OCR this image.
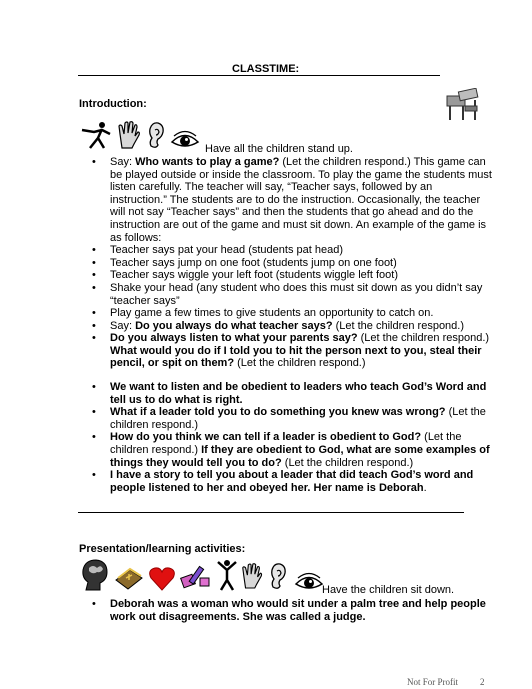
CLASSTIME:
Introduction:
Have all the children stand up.
• Say: Who wants to play a game? (Let the children respond.) This game can be played outside or inside the classroom. To play the game the students must listen carefully. The teacher will say, “Teacher says, followed by an instruction.” The students are to do the instruction. Occasionally, the teacher will not say “Teacher says” and then the students that go ahead and do the instruction are out of the game and must sit down. An example of the game is as follows:
• Teacher says pat your head (students pat head)
• Teacher says jump on one foot (students jump on one foot)
• Teacher says wiggle your left foot (students wiggle left foot)
• Shake your head (any student who does this must sit down as you didn’t say “teacher says”
• Play game a few times to give students an opportunity to catch on.
• Say: Do you always do what teacher says? (Let the children respond.)
• Do you always listen to what your parents say? (Let the children respond.) What would you do if I told you to hit the person next to you, steal their pencil, or spit on them? (Let the children respond.)
• We want to listen and be obedient to leaders who teach God’s Word and tell us to do what is right.
• What if a leader told you to do something you knew was wrong? (Let the children respond.)
• How do you think we can tell if a leader is obedient to God? (Let the children respond.) If they are obedient to God, what are some examples of things they would tell you to do? (Let the children respond.)
• I have a story to tell you about a leader that did teach God’s word and people listened to her and obeyed her. Her name is Deborah.
Presentation/learning activities:
Have the children sit down.
• Deborah was a woman who would sit under a palm tree and help people work out disagreements. She was called a judge.
Not For Profit 2
